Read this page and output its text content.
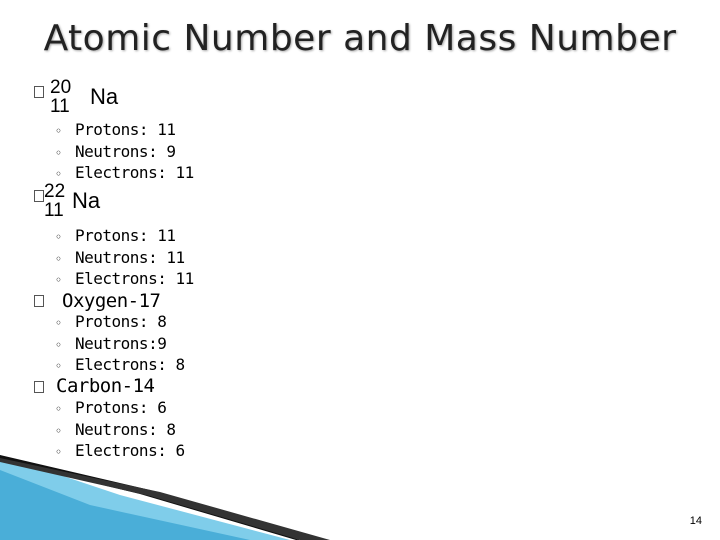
Atomic Number and Mass Number
20
11 Na
◦ Protons: 11
◦ Neutrons: 9
◦ Electrons: 11
22
11 Na
◦ Protons: 11
◦ Neutrons: 11
◦ Electrons: 11
Oxygen-17
◦ Protons: 8
◦ Neutrons:9
◦ Electrons: 8
Carbon-14
◦ Protons: 6
◦ Neutrons: 8
◦ Electrons: 6
14
